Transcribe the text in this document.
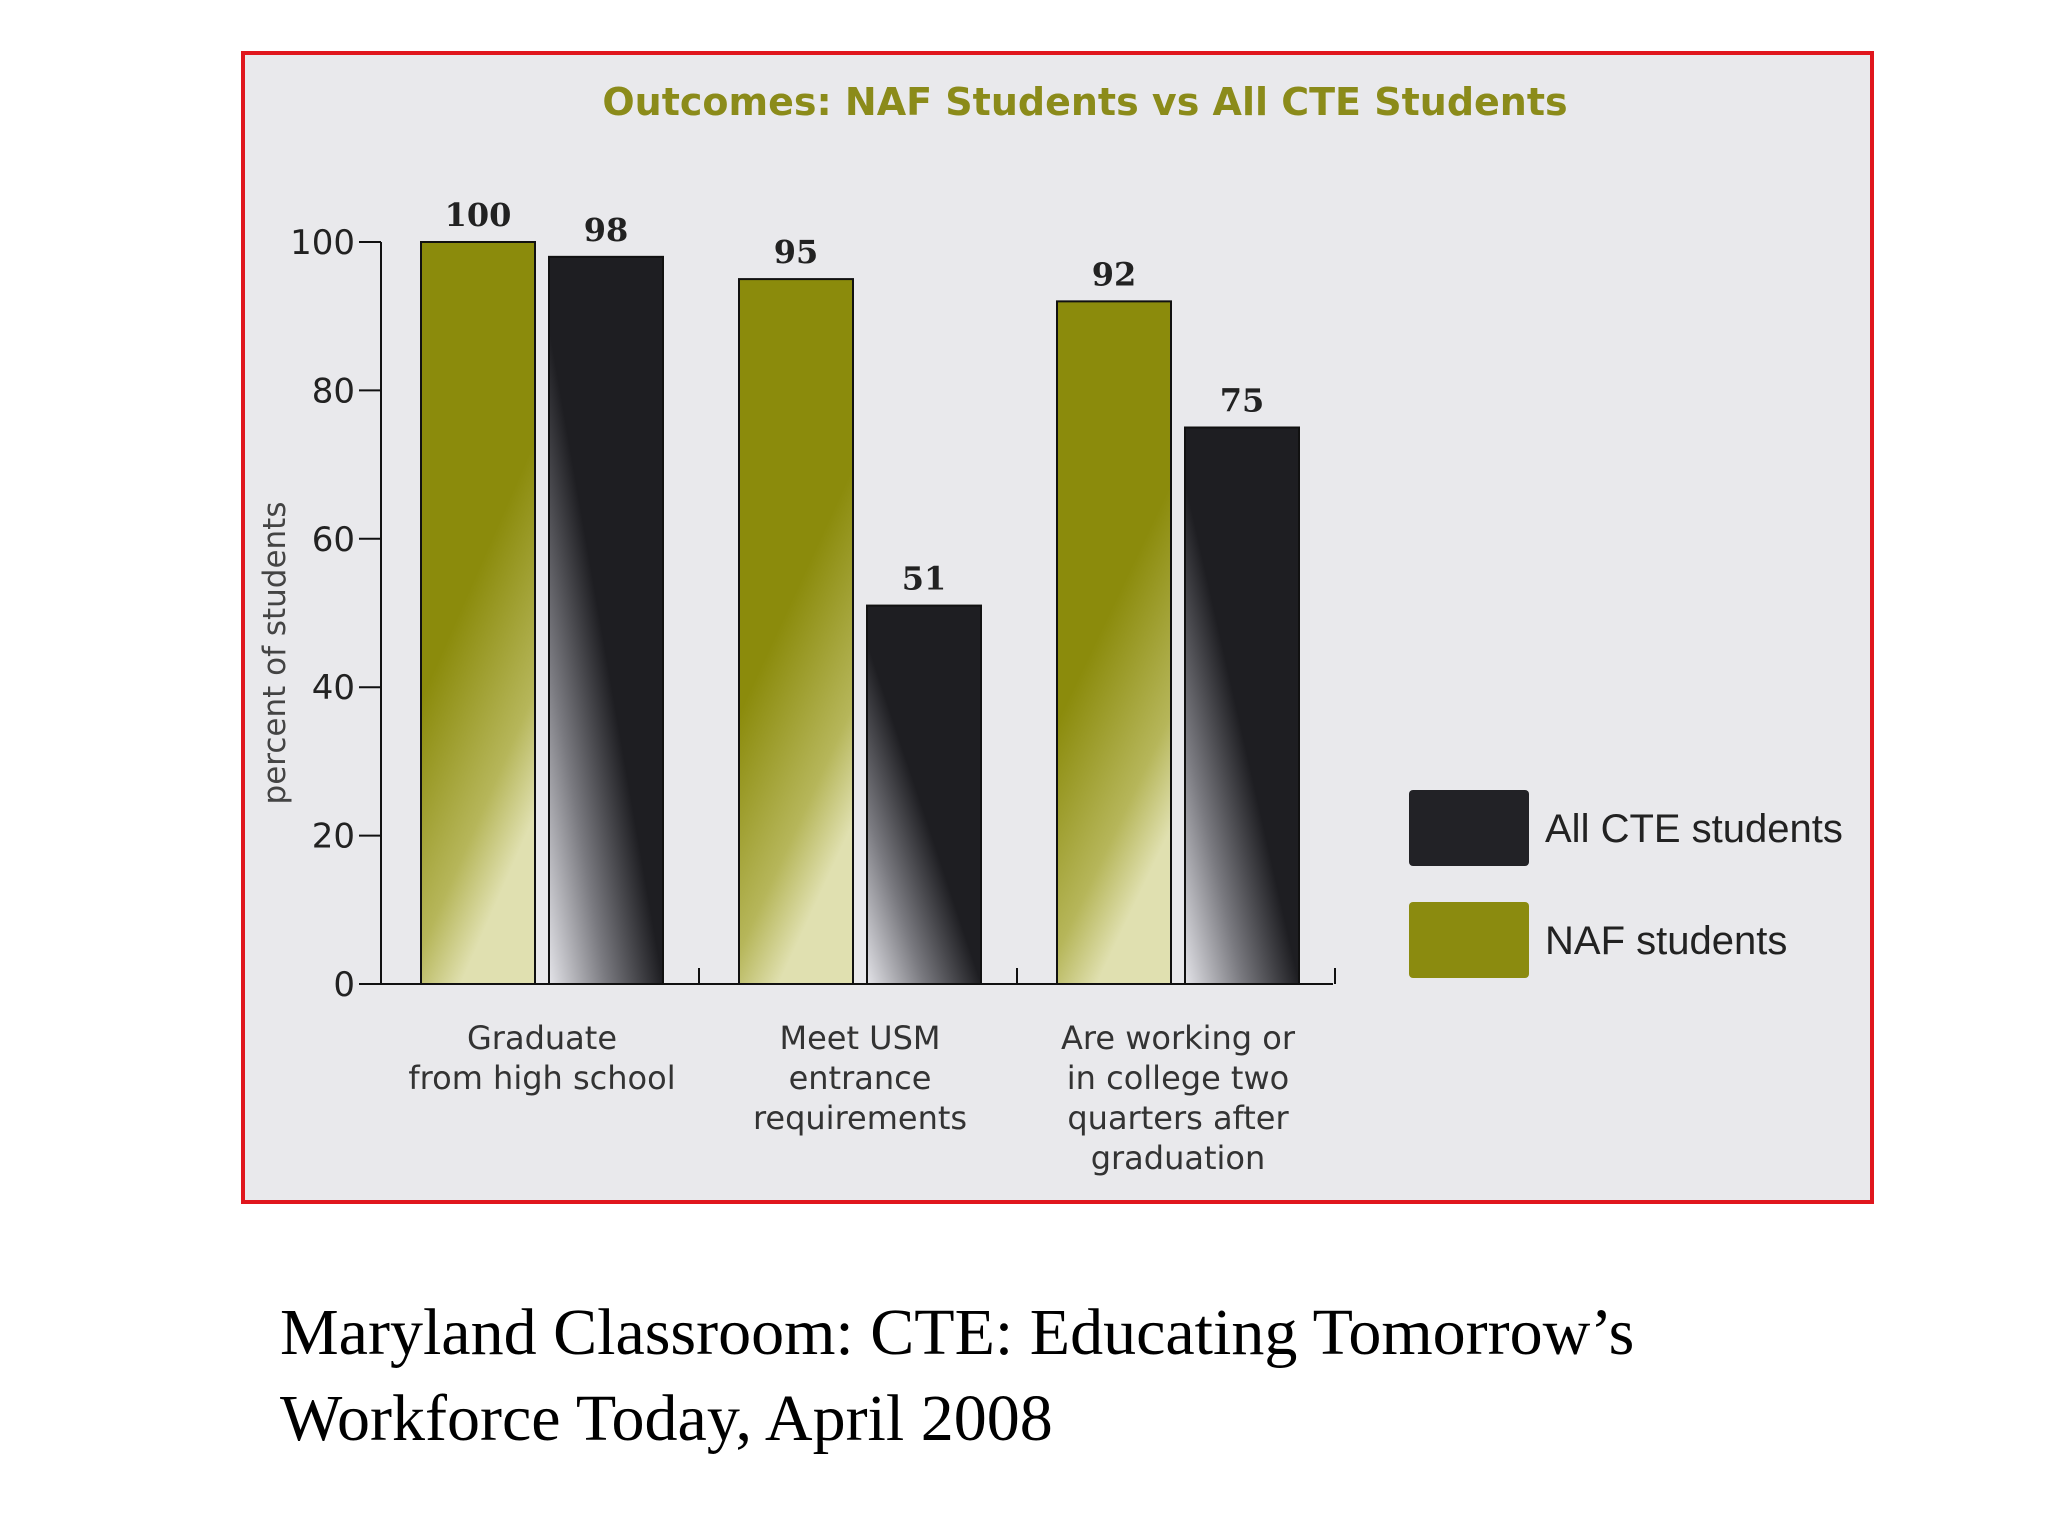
Outcomes: NAF Students vs All CTE Students
percent of students
0
20
40
60
80
100
100 98
Graduate
from high school
95
51
Meet USM
entrance
requirements
92
75
Are working or
in college two
quarters after
graduation
All CTE students
NAF students
Maryland Classroom: CTE: Educating Tomorrow’s
Workforce Today, April 2008
